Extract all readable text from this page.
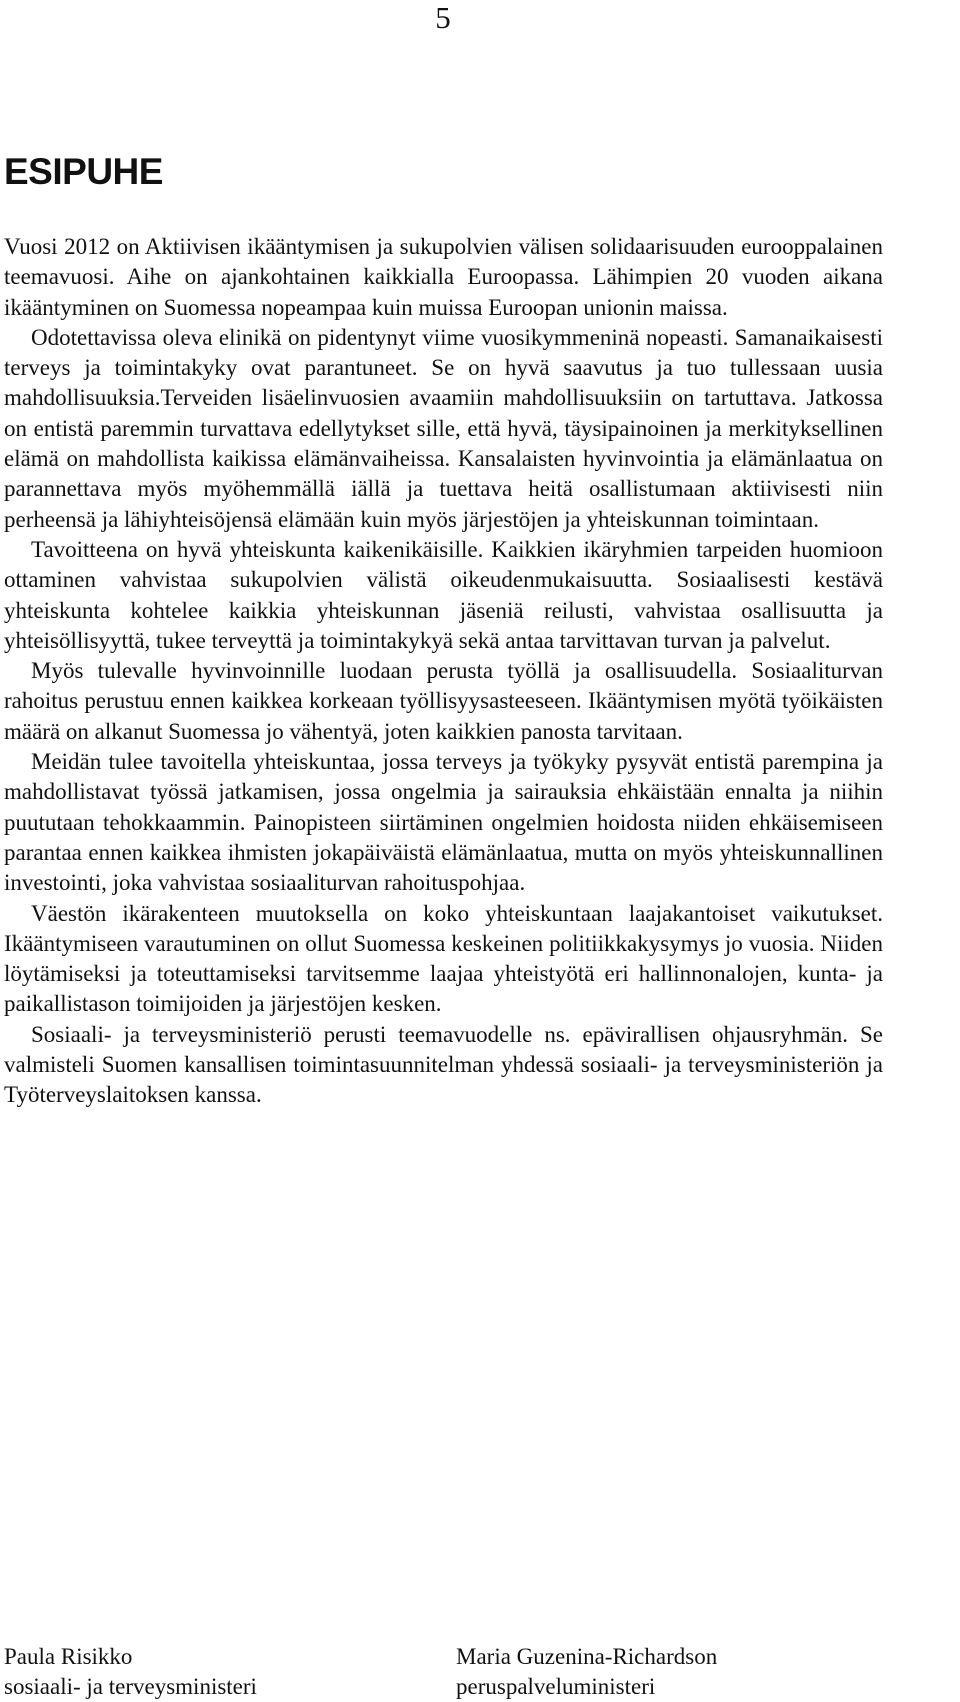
5
ESIPUHE

Vuosi 2012 on Aktiivisen ikääntymisen ja sukupolvien välisen solidaarisuuden eurooppalainen teemavuosi. Aihe on ajankohtainen kaikkialla Euroopassa. Lähimpien 20 vuoden aikana ikääntyminen on Suomessa nopeampaa kuin muissa Euroopan unionin maissa.

Odotettavissa oleva elinikä on pidentynyt viime vuosikymmeninä nopeasti. Samanaikaisesti terveys ja toimintakyky ovat parantuneet. Se on hyvä saavutus ja tuo tullessaan uusia mahdollisuuksia.Terveiden lisäelinvuosien avaamiin mahdollisuuksiin on tartuttava. Jatkossa on entistä paremmin turvattava edellytykset sille, että hyvä, täysipainoinen ja merkityksellinen elämä on mahdollista kaikissa elämänvaiheissa. Kansalaisten hyvinvointia ja elämänlaatua on parannettava myös myöhemmällä iällä ja tuettava heitä osallistumaan aktiivisesti niin perheensä ja lähiyhteisöjensä elämään kuin myös järjestöjen ja yhteiskunnan toimintaan.

Tavoitteena on hyvä yhteiskunta kaikenikäisille. Kaikkien ikäryhmien tarpeiden huomioon ottaminen vahvistaa sukupolvien välistä oikeudenmukaisuutta. Sosiaalisesti kestävä yhteiskunta kohtelee kaikkia yhteiskunnan jäseniä reilusti, vahvistaa osallisuutta ja yhteisöllisyyttä, tukee terveyttä ja toimintakykyä sekä antaa tarvittavan turvan ja palvelut.

Myös tulevalle hyvinvoinnille luodaan perusta työllä ja osallisuudella. Sosiaaliturvan rahoitus perustuu ennen kaikkea korkeaan työllisyysasteeseen. Ikääntymisen myötä työikäisten määrä on alkanut Suomessa jo vähentyä, joten kaikkien panosta tarvitaan.

Meidän tulee tavoitella yhteiskuntaa, jossa terveys ja työkyky pysyvät entistä parempina ja mahdollistavat työssä jatkamisen, jossa ongelmia ja sairauksia ehkäistään ennalta ja niihin puututaan tehokkaammin. Painopisteen siirtäminen ongelmien hoidosta niiden ehkäisemiseen parantaa ennen kaikkea ihmisten jokapäiväistä elämänlaatua, mutta on myös yhteiskunnallinen investointi, joka vahvistaa sosiaaliturvan rahoituspohjaa.

Väestön ikärakenteen muutoksella on koko yhteiskuntaan laajakantoiset vaikutukset. Ikääntymiseen varautuminen on ollut Suomessa keskeinen politiikkakysymys jo vuosia. Niiden löytämiseksi ja toteuttamiseksi tarvitsemme laajaa yhteistyötä eri hallinnonalojen, kunta- ja paikallistason toimijoiden ja järjestöjen kesken.

Sosiaali- ja terveysministeriö perusti teemavuodelle ns. epävirallisen ohjausryhmän. Se valmisteli Suomen kansallisen toimintasuunnitelman yhdessä sosiaali- ja terveysministeriön ja Työterveyslaitoksen kanssa.

Paula Risikko
sosiaali- ja terveysministeri
Maria Guzenina-Richardson
peruspalveluministeri
